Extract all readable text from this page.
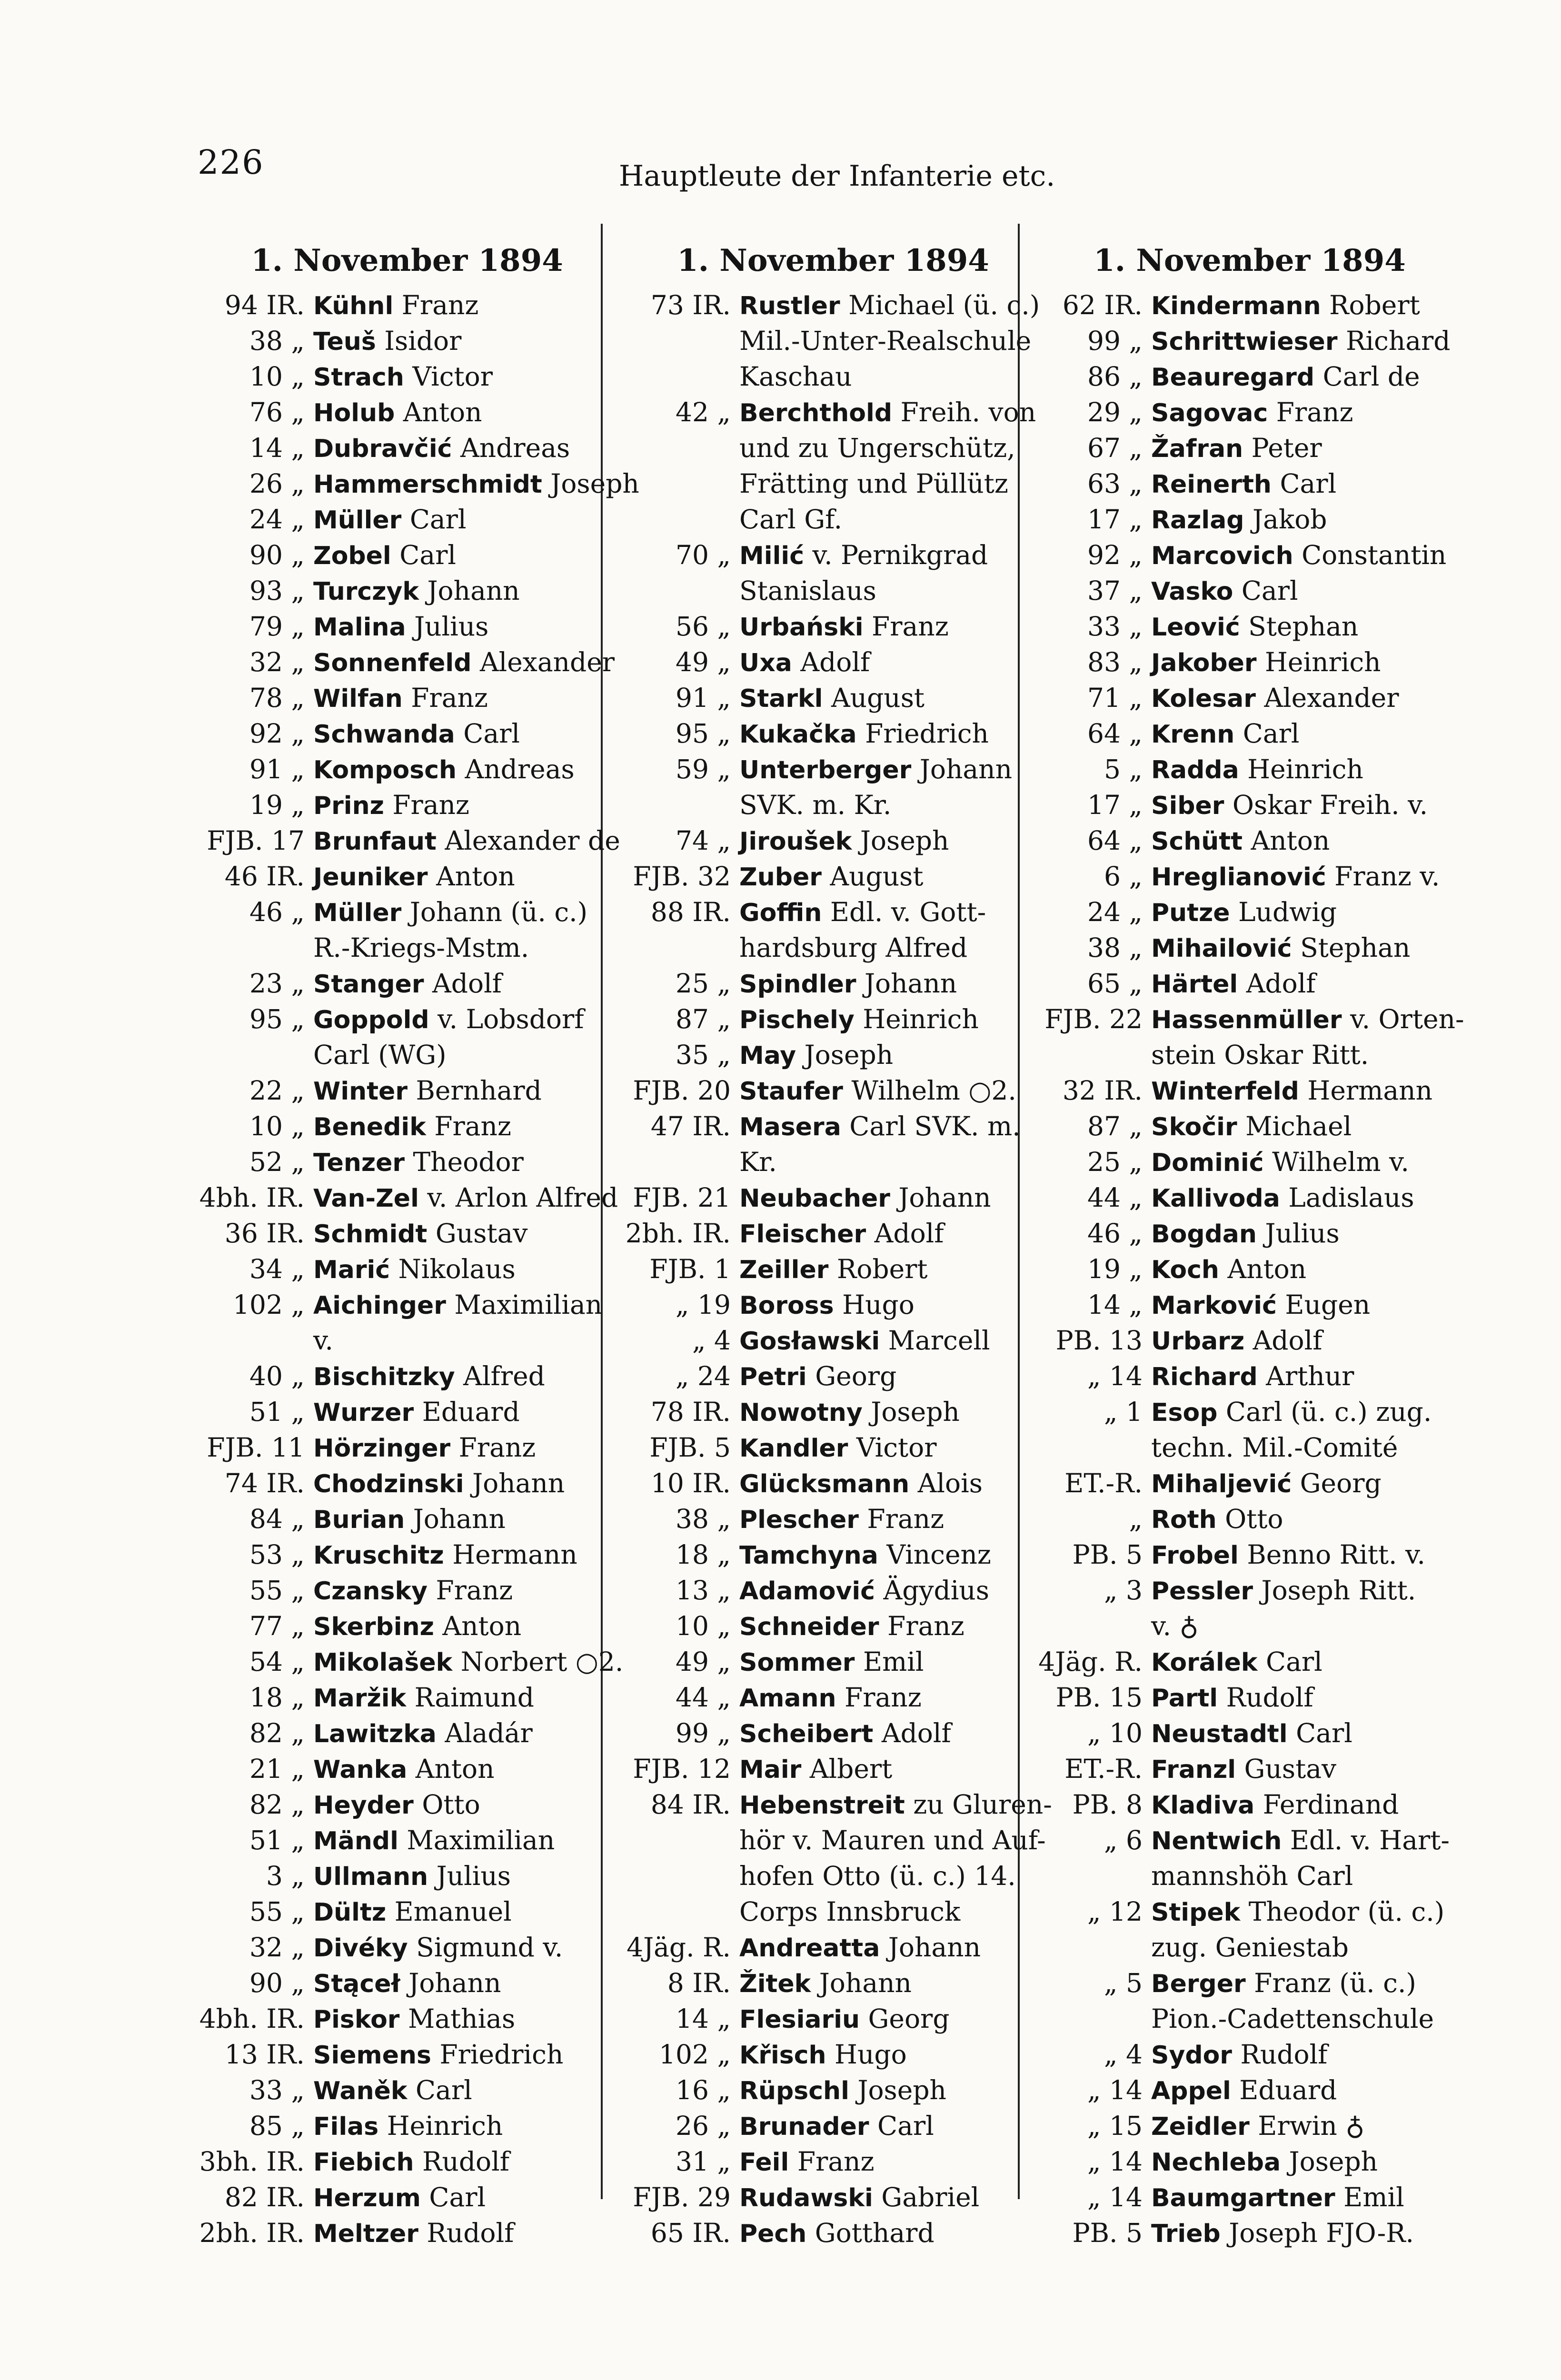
226	Hauptleute der Infanterie etc.
1. November 1894
94 IR. Kühnl Franz
38 „ Teuš Isidor
10 „ Strach Victor
76 „ Holub Anton
14 „ Dubravčić Andreas
26 „ Hammerschmidt Joseph
24 „ Müller Carl
90 „ Zobel Carl
93 „ Turczyk Johann
79 „ Malina Julius
32 „ Sonnenfeld Alexander
78 „ Wilfan Franz
92 „ Schwanda Carl
91 „ Komposch Andreas
19 „ Prinz Franz
FJB. 17 Brunfaut Alexander de
46 IR. Jeuniker Anton
46 „ Müller Johann (ü. c.)
R.-Kriegs-Mstm.
23 „ Stanger Adolf
95 „ Goppold v. Lobsdorf
Carl (WG)
22 „ Winter Bernhard
10 „ Benedik Franz
52 „ Tenzer Theodor
4bh. IR. Van-Zel v. Arlon Alfred
36 IR. Schmidt Gustav
34 „ Marić Nikolaus
102 „ Aichinger Maximilian
v.
40 „ Bischitzky Alfred
51 „ Wurzer Eduard
FJB. 11 Hörzinger Franz
74 IR. Chodzinski Johann
84 „ Burian Johann
53 „ Kruschitz Hermann
55 „ Czansky Franz
77 „ Skerbinz Anton
54 „ Mikolašek Norbert ○2.
18 „ Maržik Raimund
82 „ Lawitzka Aladár
21 „ Wanka Anton
82 „ Heyder Otto
51 „ Mändl Maximilian
3 „ Ullmann Julius
55 „ Dültz Emanuel
32 „ Divéky Sigmund v.
90 „ Stąceł Johann
4bh. IR. Piskor Mathias
13 IR. Siemens Friedrich
33 „ Waněk Carl
85 „ Filas Heinrich
3bh. IR. Fiebich Rudolf
82 IR. Herzum Carl
2bh. IR. Meltzer Rudolf
1. November 1894
73 IR. Rustler Michael (ü. c.)
Mil.-Unter-Realschule
Kaschau
42 „ Berchthold Freih. von
und zu Ungerschütz,
Frätting und Püllütz
Carl Gf.
70 „ Milić v. Pernikgrad
Stanislaus
56 „ Urbański Franz
49 „ Uxa Adolf
91 „ Starkl August
95 „ Kukačka Friedrich
59 „ Unterberger Johann
SVK. m. Kr.
74 „ Jiroušek Joseph
FJB. 32 Zuber August
88 IR. Goffin Edl. v. Gott-
hardsburg Alfred
25 „ Spindler Johann
87 „ Pischely Heinrich
35 „ May Joseph
FJB. 20 Staufer Wilhelm ○2.
47 IR. Masera Carl SVK. m.
Kr.
FJB. 21 Neubacher Johann
2bh. IR. Fleischer Adolf
FJB. 1 Zeiller Robert
„ 19 Boross Hugo
„ 4 Gosławski Marcell
„ 24 Petri Georg
78 IR. Nowotny Joseph
FJB. 5 Kandler Victor
10 IR. Glücksmann Alois
38 „ Plescher Franz
18 „ Tamchyna Vincenz
13 „ Adamović Ägydius
10 „ Schneider Franz
49 „ Sommer Emil
44 „ Amann Franz
99 „ Scheibert Adolf
FJB. 12 Mair Albert
84 IR. Hebenstreit zu Gluren-
hör v. Mauren und Auf-
hofen Otto (ü. c.) 14.
Corps Innsbruck
4Jäg. R. Andreatta Johann
8 IR. Žitek Johann
14 „ Flesiariu Georg
102 „ Křisch Hugo
16 „ Rüpschl Joseph
26 „ Brunader Carl
31 „ Feil Franz
FJB. 29 Rudawski Gabriel
65 IR. Pech Gotthard
1. November 1894
62 IR. Kindermann Robert
99 „ Schrittwieser Richard
86 „ Beauregard Carl de
29 „ Sagovac Franz
67 „ Žafran Peter
63 „ Reinerth Carl
17 „ Razlag Jakob
92 „ Marcovich Constantin
37 „ Vasko Carl
33 „ Leović Stephan
83 „ Jakober Heinrich
71 „ Kolesar Alexander
64 „ Krenn Carl
5 „ Radda Heinrich
17 „ Siber Oskar Freih. v.
64 „ Schütt Anton
6 „ Hreglianović Franz v.
24 „ Putze Ludwig
38 „ Mihailović Stephan
65 „ Härtel Adolf
FJB. 22 Hassenmüller v. Orten-
stein Oskar Ritt.
32 IR. Winterfeld Hermann
87 „ Skočir Michael
25 „ Dominić Wilhelm v.
44 „ Kallivoda Ladislaus
46 „ Bogdan Julius
19 „ Koch Anton
14 „ Marković Eugen
PB. 13 Urbarz Adolf
„ 14 Richard Arthur
„ 1 Esop Carl (ü. c.) zug.
techn. Mil.-Comité
ET.-R. Mihaljević Georg
„ Roth Otto
PB. 5 Frobel Benno Ritt. v.
„ 3 Pessler Joseph Ritt.
v. ♁
4Jäg. R. Korálek Carl
PB. 15 Partl Rudolf
„ 10 Neustadtl Carl
ET.-R. Franzl Gustav
PB. 8 Kladiva Ferdinand
„ 6 Nentwich Edl. v. Hart-
mannshöh Carl
„ 12 Stipek Theodor (ü. c.)
zug. Geniestab
„ 5 Berger Franz (ü. c.)
Pion.-Cadettenschule
„ 4 Sydor Rudolf
„ 14 Appel Eduard
„ 15 Zeidler Erwin ♁
„ 14 Nechleba Joseph
„ 14 Baumgartner Emil
PB. 5 Trieb Joseph FJO-R.
